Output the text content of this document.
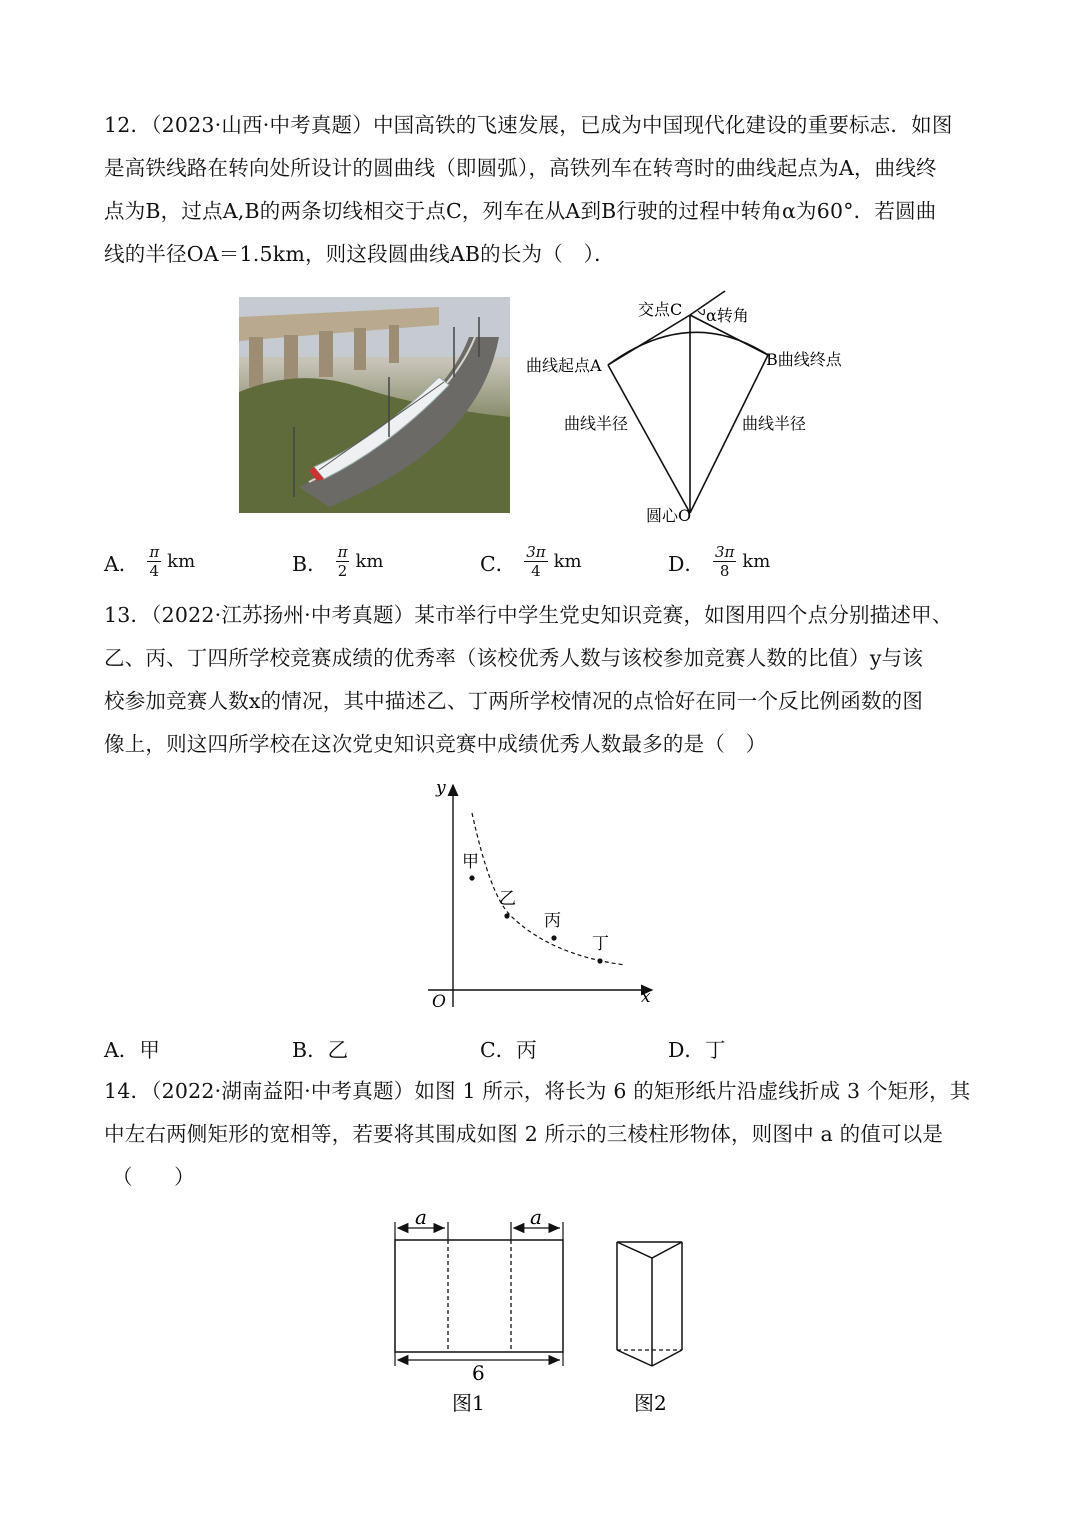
12．（2023·山西·中考真题）中国高铁的飞速发展，已成为中国现代化建设的重要标志．如图
是高铁线路在转向处所设计的圆曲线（即圆弧），高铁列车在转弯时的曲线起点为A，曲线终
点为B，过点A,B的两条切线相交于点C，列车在从A到B行驶的过程中转角α为60°．若圆曲
线的半径OA＝1.5km，则这段圆曲线AB的长为（　）．
交点C α转角
曲线起点A	B曲线终点
曲线半径	曲线半径
圆心O
A． $\frac{\pi}{4}$ km	B． $\frac{\pi}{2}$ km	C． $\frac{3\pi}{4}$ km	D． $\frac{3\pi}{8}$ km
13．（2022·江苏扬州·中考真题）某市举行中学生党史知识竞赛，如图用四个点分别描述甲、
乙、丙、丁四所学校竞赛成绩的优秀率（该校优秀人数与该校参加竞赛人数的比值）y与该
校参加竞赛人数x的情况，其中描述乙、丁两所学校情况的点恰好在同一个反比例函数的图
像上，则这四所学校在这次党史知识竞赛中成绩优秀人数最多的是（　）
y
x
O
甲
乙
丙
丁
A． 甲	B． 乙	C． 丙	D． 丁
14．（2022·湖南益阳·中考真题）如图 1 所示，将长为 6 的矩形纸片沿虚线折成 3 个矩形，其
中左右两侧矩形的宽相等，若要将其围成如图 2 所示的三棱柱形物体，则图中 a 的值可以是
（　　）
a	a
6
图1	图2
